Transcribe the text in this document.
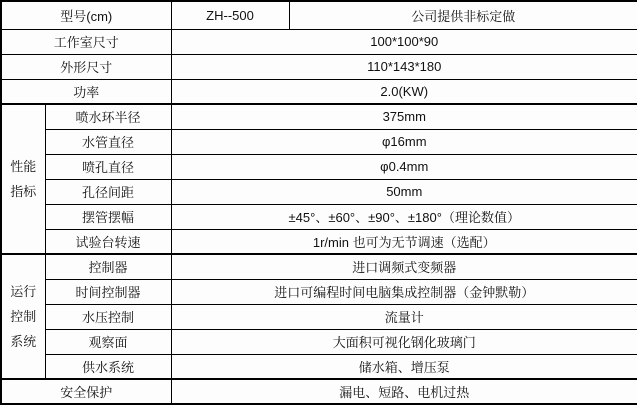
型号(cm)		ZH--500	公司提供非标定做
工作室尺寸		100*100*90	
外形尺寸		110*143*180	
功率		2.0(KW)	
性能指标	喷水环半径	375mm	
	水管直径	φ16mm	
	喷孔直径	φ0.4mm	
	孔径间距	50mm	
	摆管摆幅	±45°、±60°、±90°、±180°（理论数值）	
	试验台转速	1r/min 也可为无节调速（选配）	
运行控制系统	控制器	进口调频式变频器	
	时间控制器	进口可编程时间电脑集成控制器（金钟默勒）	
	水压控制	流量计	
	观察面	大面积可视化钢化玻璃门	
	供水系统	储水箱、增压泵	
安全保护		漏电、短路、电机过热	
